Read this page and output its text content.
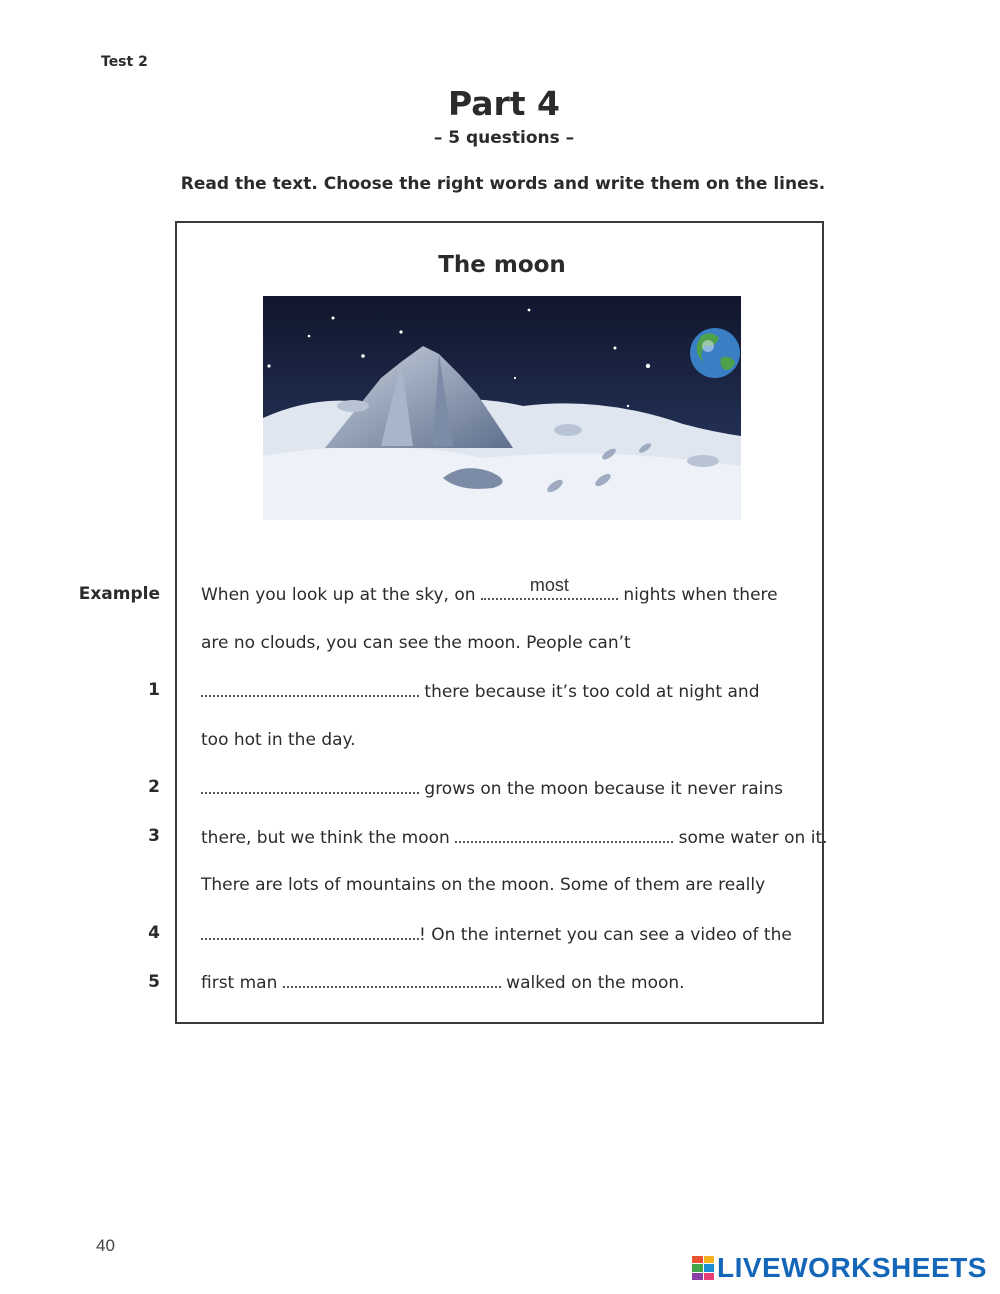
Test 2
Part 4
– 5 questions –
Read the text. Choose the right words and write them on the lines.
The moon
Example
1
2
3
4
5
When you look up at the sky, on	most	nights when there
are no clouds, you can see the moon. People can’t
there because it’s too cold at night and
too hot in the day.
grows on the moon because it never rains
there, but we think the moon	some water on it.
There are lots of mountains on the moon. Some of them are really
! On the internet you can see a video of the
first man	walked on the moon.
40
LIVEWORKSHEETS
